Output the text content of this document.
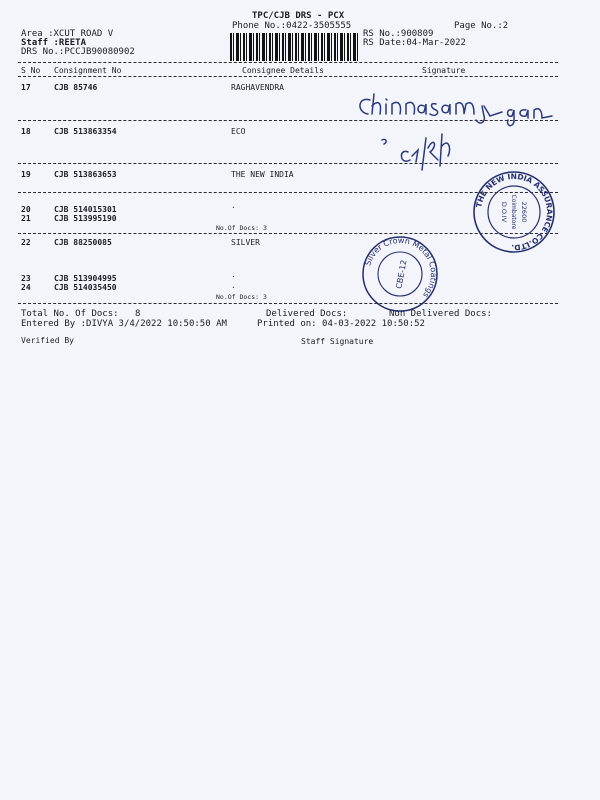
TPC/CJB DRS - PCX
Phone No.:0422-3505555	Page No.:2
Area :XCUT ROAD V
Staff :REETA
DRS No.:PCCJB90080902
RS No.:900809
RS Date:04-Mar-2022
S No Consignment No	Consignee Details	Signature
17	CJB 85746	RAGHAVENDRA
18	CJB 513863354	ECO
19	CJB 513863653	THE NEW INDIA
20	CJB 514015301	.
21	CJB 513995190
No.Of Docs: 3
22	CJB 88250085	SILVER
23	CJB 513904995	.
24	CJB 514035450	.
No.Of Docs: 3
Total No. Of Docs: 8	Delivered Docs:	Non Delivered Docs:
Entered By :DIVYA 3/4/2022 10:50:50 AM	Printed on: 04-03-2022 10:50:52
Verified By	Staff Signature
THE NEW INDIA ASSURANCE CO.LTD.
22600
Coimbatore
D.O.IV
Silver Crown Metal Coatings
CBE-12
